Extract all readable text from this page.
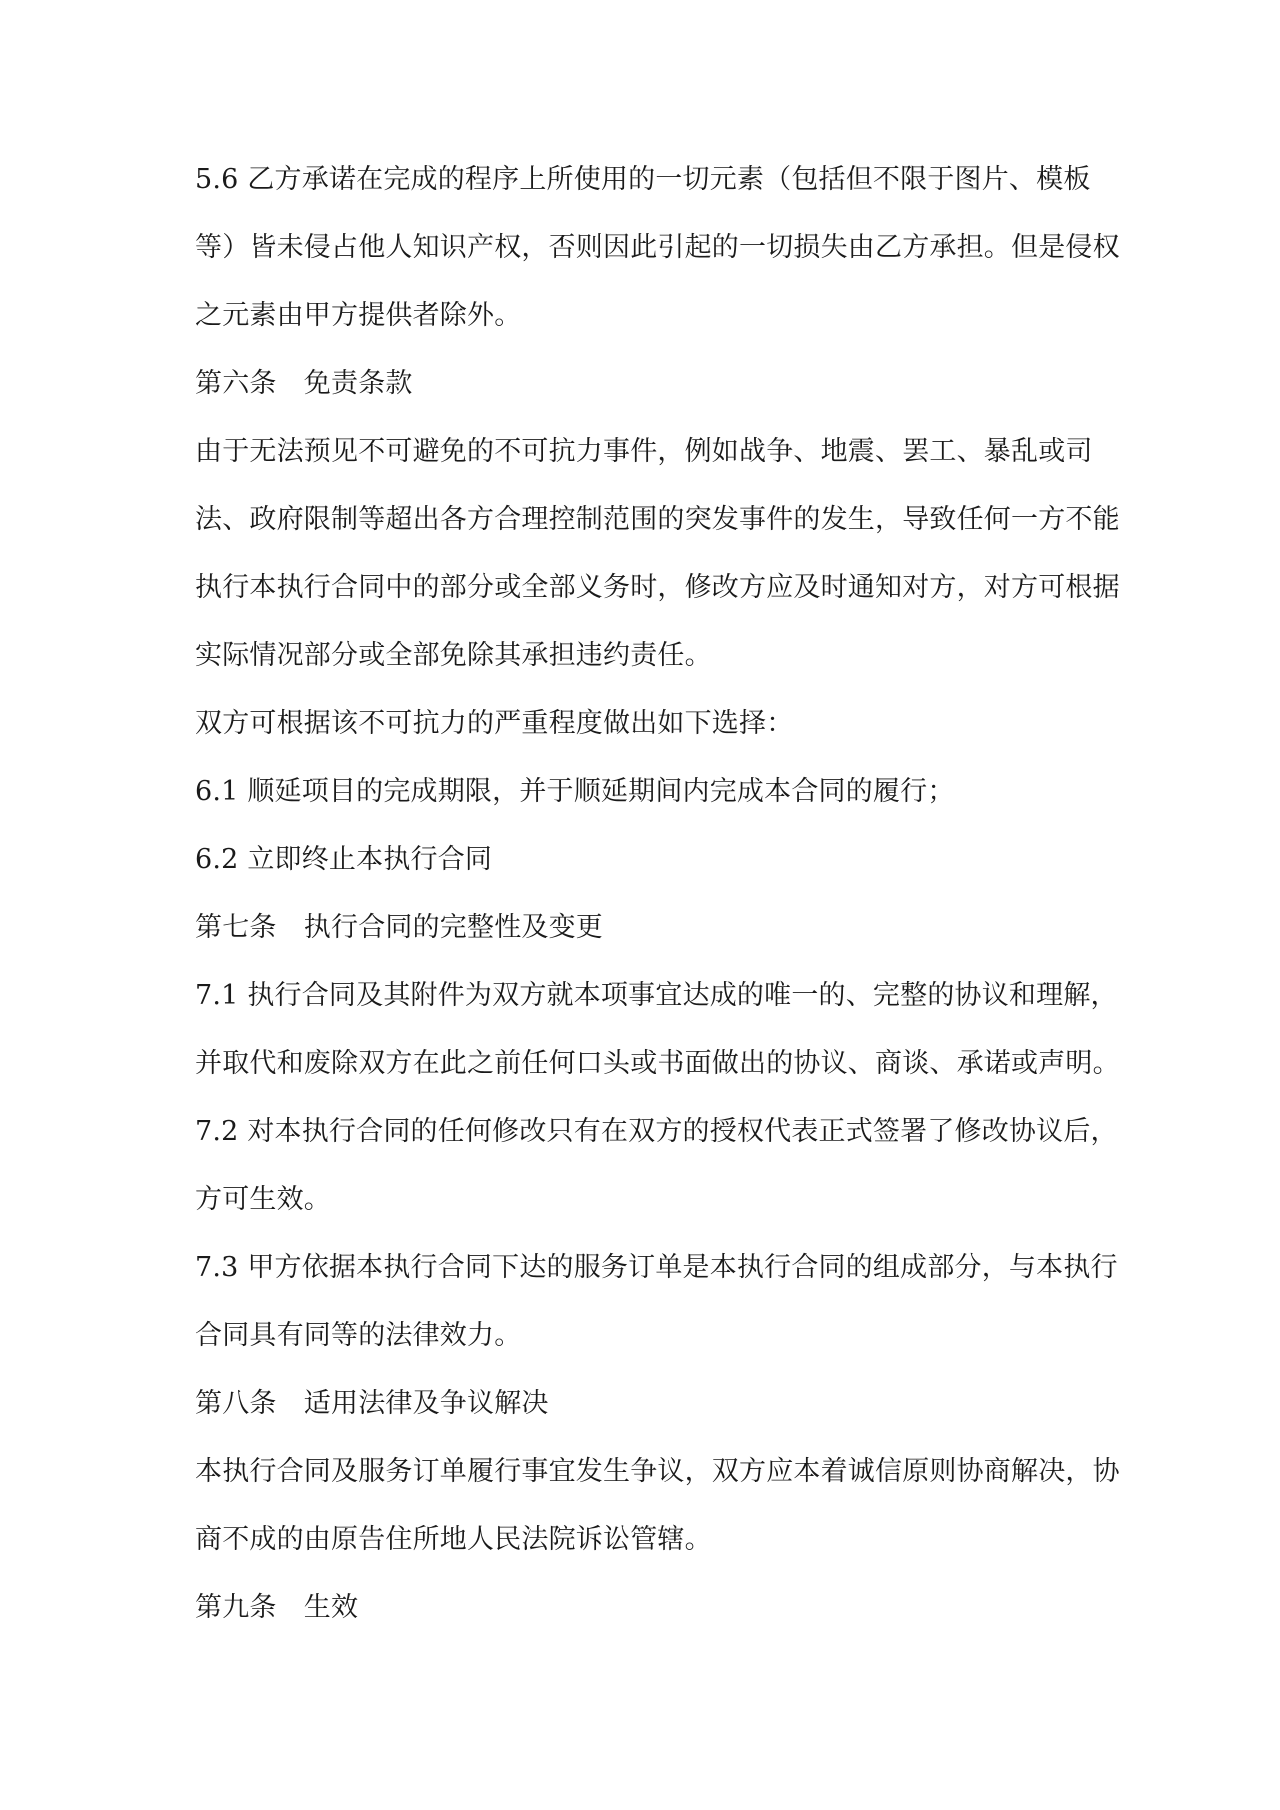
5.6 乙方承诺在完成的程序上所使用的一切元素（包括但不限于图片、模板
等）皆未侵占他人知识产权，否则因此引起的一切损失由乙方承担。但是侵权
之元素由甲方提供者除外。
第六条　免责条款
由于无法预见不可避免的不可抗力事件，例如战争、地震、罢工、暴乱或司
法、政府限制等超出各方合理控制范围的突发事件的发生，导致任何一方不能
执行本执行合同中的部分或全部义务时，修改方应及时通知对方，对方可根据
实际情况部分或全部免除其承担违约责任。
双方可根据该不可抗力的严重程度做出如下选择：
6.1 顺延项目的完成期限，并于顺延期间内完成本合同的履行；
6.2 立即终止本执行合同
第七条　执行合同的完整性及变更
7.1 执行合同及其附件为双方就本项事宜达成的唯一的、完整的协议和理解，
并取代和废除双方在此之前任何口头或书面做出的协议、商谈、承诺或声明。
7.2 对本执行合同的任何修改只有在双方的授权代表正式签署了修改协议后，
方可生效。
7.3 甲方依据本执行合同下达的服务订单是本执行合同的组成部分，与本执行
合同具有同等的法律效力。
第八条　适用法律及争议解决
本执行合同及服务订单履行事宜发生争议，双方应本着诚信原则协商解决，协
商不成的由原告住所地人民法院诉讼管辖。
第九条　生效
